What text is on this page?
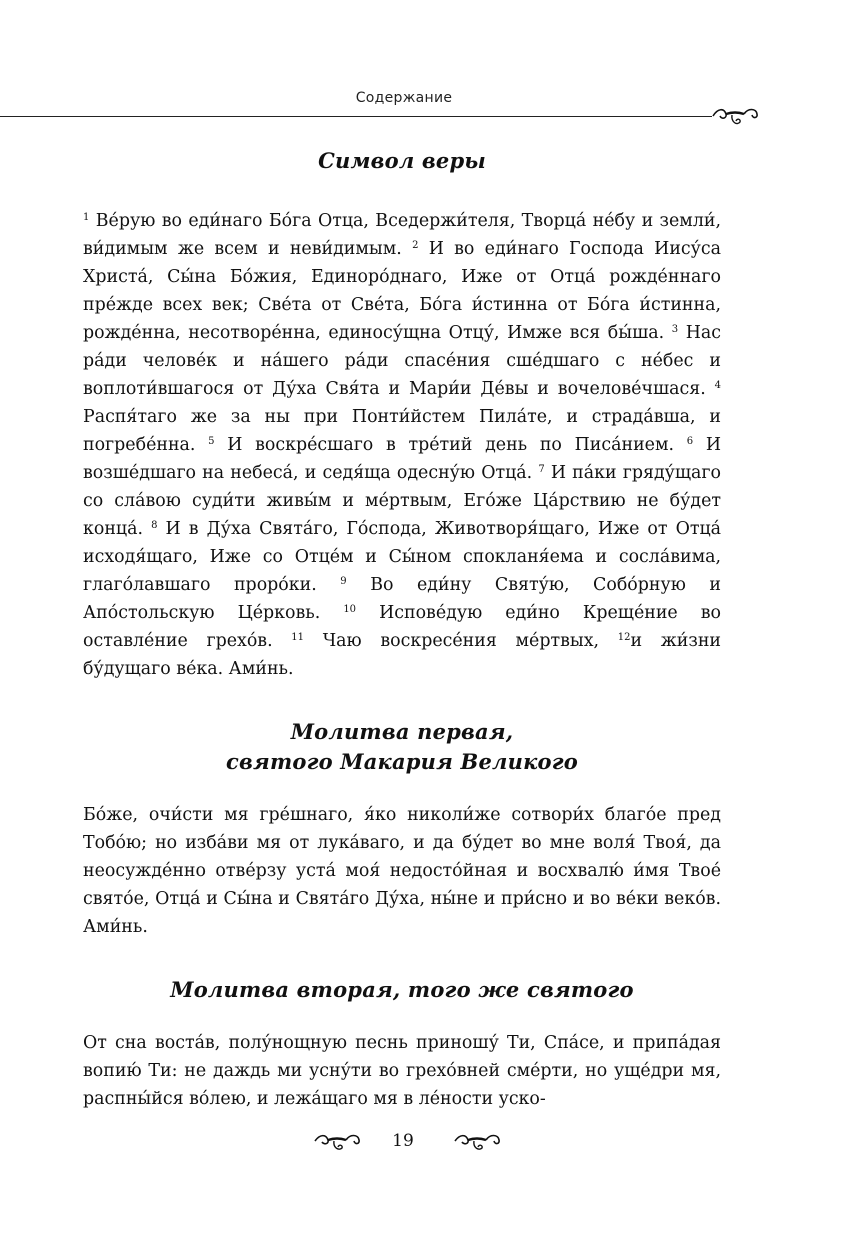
Содержание
Символ веры

$^1$ Ве́рую во еди́наго Бо́га Отца, Вседержи́теля, Творца́ не́бу и земли́, ви́димым же всем и неви́димым. $^2$ И во еди́наго Господа Иису́са Христа́, Сы́на Бо́жия, Единоро́днаго, Иже от Отца́ рожде́ннаго пре́жде всех век; Све́та от Све́та, Бо́га и́стинна от Бо́га и́стинна, рожде́нна, несотворе́нна, единосу́щна Отцу́, Имже вся бы́ша. $^3$ Нас ра́ди челове́к и на́шего ра́ди спасе́ния сше́дшаго с не́бес и воплоти́вшагося от Ду́ха Свя́та и Мари́и Де́вы и вочелове́чшася. $^4$ Распя́таго же за ны при Понти́йстем Пила́те, и страда́вша, и погребе́нна. $^5$ И воскре́сшаго в тре́тий день по Писа́нием. $^6$ И возше́дшаго на небеса́, и седя́ща одесну́ю Отца́. $^7$ И па́ки гряду́щаго со сла́вою суди́ти живы́м и ме́ртвым, Его́же Ца́рствию не бу́дет конца́. $^8$ И в Ду́ха Свята́го, Го́спода, Животворя́щаго, Иже от Отца́ исходя́щаго, Иже со Отце́м и Сы́ном спокланя́ема и сосла́вима, глаго́лавшаго проро́ки. $^9$ Во еди́ну Святу́ю, Собо́рную и Апо́стольскую Це́рковь. $^{10}$ Испове́дую еди́но Креще́ние во оставле́ние грехо́в. $^{11}$ Чаю воскресе́ния ме́ртвых, $^{12}$и жи́зни бу́дущаго ве́ка. Ами́нь.

Молитва первая,
святого Макария Великого

Бо́же, очи́сти мя гре́шнаго, я́ко николи́же сотвори́х благо́е пред Тобо́ю; но изба́ви мя от лука́ваго, и да бу́дет во мне воля́ Твоя́, да неосужде́нно отве́рзу уста́ моя́ недосто́йная и восхвалю́ и́мя Твое́ свято́е, Отца́ и Сы́на и Свята́го Ду́ха, ны́не и при́сно и во ве́ки веко́в. Ами́нь.

Молитва вторая, того же святого

От сна воста́в, полу́нощную песнь приношу́ Ти, Спа́се, и припа́дая вопию́ Ти: не даждь ми усну́ти во грехо́вней сме́рти, но уще́дри мя, распны́йся во́лею, и лежа́щаго мя в ле́ности уско-

19
